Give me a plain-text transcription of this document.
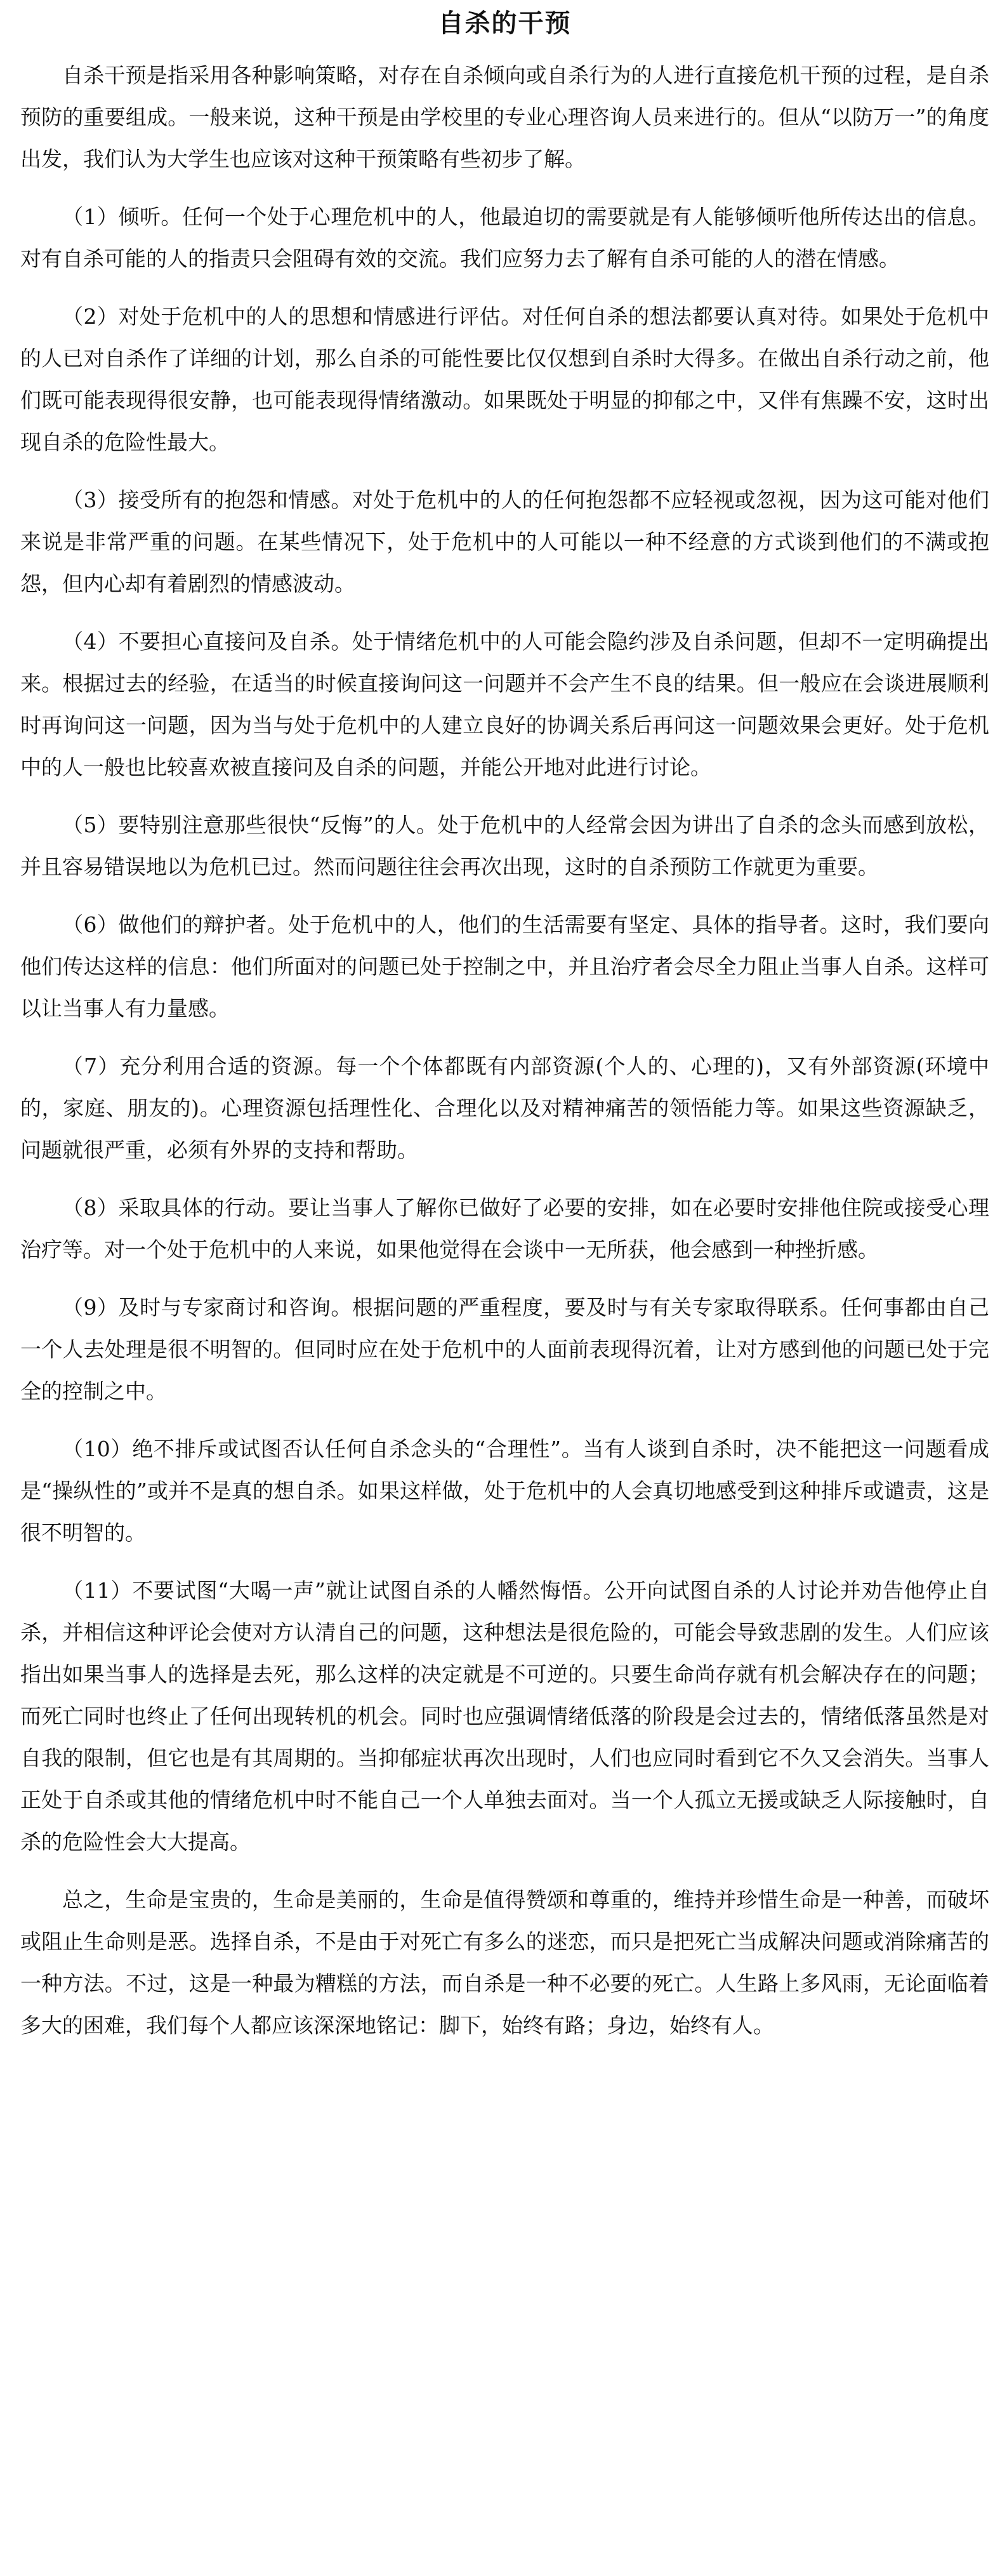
自杀的干预

自杀干预是指采用各种影响策略，对存在自杀倾向或自杀行为的人进行直接危机干预的过程，是自杀预防的重要组成。一般来说，这种干预是由学校里的专业心理咨询人员来进行的。但从“以防万一”的角度出发，我们认为大学生也应该对这种干预策略有些初步了解。

（1）倾听。任何一个处于心理危机中的人，他最迫切的需要就是有人能够倾听他所传达出的信息。对有自杀可能的人的指责只会阻碍有效的交流。我们应努力去了解有自杀可能的人的潜在情感。

（2）对处于危机中的人的思想和情感进行评估。对任何自杀的想法都要认真对待。如果处于危机中的人已对自杀作了详细的计划，那么自杀的可能性要比仅仅想到自杀时大得多。在做出自杀行动之前，他们既可能表现得很安静，也可能表现得情绪激动。如果既处于明显的抑郁之中，又伴有焦躁不安，这时出现自杀的危险性最大。

（3）接受所有的抱怨和情感。对处于危机中的人的任何抱怨都不应轻视或忽视，因为这可能对他们来说是非常严重的问题。在某些情况下，处于危机中的人可能以一种不经意的方式谈到他们的不满或抱怨，但内心却有着剧烈的情感波动。

（4）不要担心直接问及自杀。处于情绪危机中的人可能会隐约涉及自杀问题，但却不一定明确提出来。根据过去的经验，在适当的时候直接询问这一问题并不会产生不良的结果。但一般应在会谈进展顺利时再询问这一问题，因为当与处于危机中的人建立良好的协调关系后再问这一问题效果会更好。处于危机中的人一般也比较喜欢被直接问及自杀的问题，并能公开地对此进行讨论。

（5）要特别注意那些很快“反悔”的人。处于危机中的人经常会因为讲出了自杀的念头而感到放松，并且容易错误地以为危机已过。然而问题往往会再次出现，这时的自杀预防工作就更为重要。

（6）做他们的辩护者。处于危机中的人，他们的生活需要有坚定、具体的指导者。这时，我们要向他们传达这样的信息：他们所面对的问题已处于控制之中，并且治疗者会尽全力阻止当事人自杀。这样可以让当事人有力量感。

（7）充分利用合适的资源。每一个个体都既有内部资源(个人的、心理的)，又有外部资源(环境中的，家庭、朋友的)。心理资源包括理性化、合理化以及对精神痛苦的领悟能力等。如果这些资源缺乏，问题就很严重，必须有外界的支持和帮助。

（8）采取具体的行动。要让当事人了解你已做好了必要的安排，如在必要时安排他住院或接受心理治疗等。对一个处于危机中的人来说，如果他觉得在会谈中一无所获，他会感到一种挫折感。

（9）及时与专家商讨和咨询。根据问题的严重程度，要及时与有关专家取得联系。任何事都由自己一个人去处理是很不明智的。但同时应在处于危机中的人面前表现得沉着，让对方感到他的问题已处于完全的控制之中。

（10）绝不排斥或试图否认任何自杀念头的“合理性”。当有人谈到自杀时，决不能把这一问题看成是“操纵性的”或并不是真的想自杀。如果这样做，处于危机中的人会真切地感受到这种排斥或谴责，这是很不明智的。

（11）不要试图“大喝一声”就让试图自杀的人幡然悔悟。公开向试图自杀的人讨论并劝告他停止自杀，并相信这种评论会使对方认清自己的问题，这种想法是很危险的，可能会导致悲剧的发生。人们应该指出如果当事人的选择是去死，那么这样的决定就是不可逆的。只要生命尚存就有机会解决存在的问题；而死亡同时也终止了任何出现转机的机会。同时也应强调情绪低落的阶段是会过去的，情绪低落虽然是对自我的限制，但它也是有其周期的。当抑郁症状再次出现时，人们也应同时看到它不久又会消失。当事人正处于自杀或其他的情绪危机中时不能自己一个人单独去面对。当一个人孤立无援或缺乏人际接触时，自杀的危险性会大大提高。

总之，生命是宝贵的，生命是美丽的，生命是值得赞颂和尊重的，维持并珍惜生命是一种善，而破坏或阻止生命则是恶。选择自杀，不是由于对死亡有多么的迷恋，而只是把死亡当成解决问题或消除痛苦的一种方法。不过，这是一种最为糟糕的方法，而自杀是一种不必要的死亡。人生路上多风雨，无论面临着多大的困难，我们每个人都应该深深地铭记：脚下，始终有路；身边，始终有人。
